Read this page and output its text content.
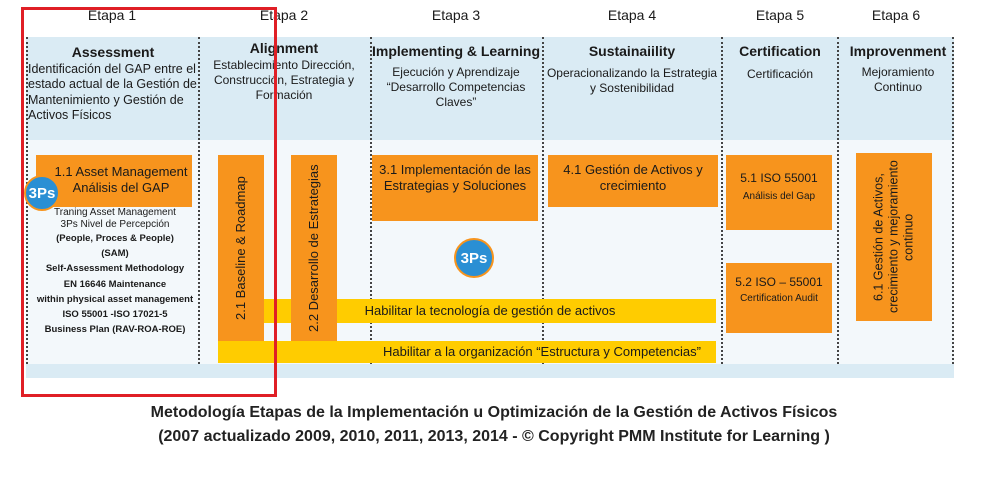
Etapa 1	Etapa 2	Etapa 3	Etapa 4	Etapa 5	Etapa 6
Assessment
Identificación del GAP entre el estado actual de la Gestión de Mantenimiento y Gestión de Activos Físicos
Alignment
Establecimiento Dirección, Construcción, Estrategia y Formación
Implementing & Learning
Ejecución y Aprendizaje “Desarrollo Competencias Claves”
Sustainaiility
Operacionalizando la Estrategia y Sostenibilidad
Certification
Certificación
Improvenment
Mejoramiento Continuo
Habilitar la tecnología de gestión de activos
Habilitar a la organización “Estructura y Competencias”
1.1 Asset Management Análisis del GAP
3Ps
Traning Asset Management
3Ps Nivel de Percepción
(People, Proces & People)
(SAM)
Self-Assessment Methodology
EN 16646 Maintenance
within physical asset management
ISO 55001 -ISO 17021-5
Business Plan (RAV-ROA-ROE)
2.1 Baseline & Roadmap	2.2 Desarrollo de Estrategias	3.1 Implementación de las Estrategias y Soluciones
3Ps
4.1 Gestión de Activos y crecimiento
5.1 ISO 55001
Análisis del Gap
5.2 ISO – 55001
Certification Audit	6.1 Gestión de Activos, crecimiento y mejoramiento continuo
Metodología Etapas de la Implementación u Optimización de la Gestión de Activos Físicos
(2007 actualizado 2009, 2010, 2011, 2013, 2014 - © Copyright PMM Institute for Learning )
